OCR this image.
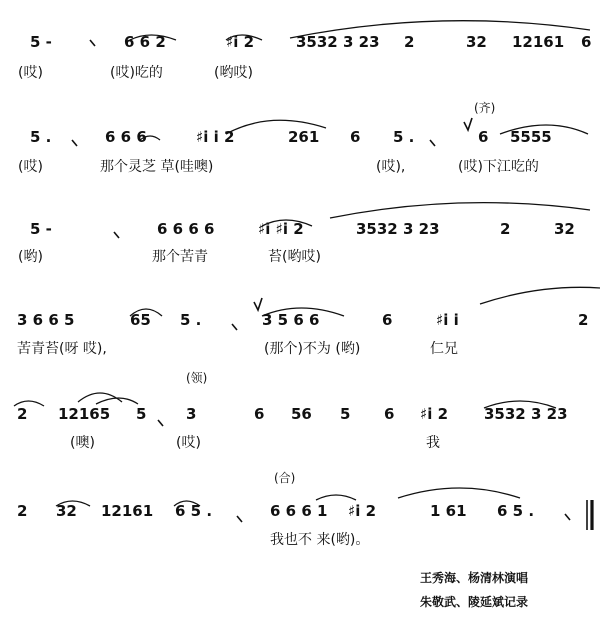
5 -	6 6 2	♯i 2	3532 3 23 2	32 12161 6
(哎)	(哎)吃的	(哟哎)
5 .	6 6 6	♯i i 2	261 6 5 .	6 5555
(哎)	那个灵芝 草(哇噢)	(哎),	(哎)下江吃的
5 -	6 6 6 6	♯i ♯i 2	3532 3 23	2	32
(哟)	那个苦青	苔(哟哎)
3 6 6 5	65 5 .	3 5 6 6	6	♯i i	2
苦青苔(呀 哎),	(那个)不为 (哟)	仁兄
2 12165 5	3	6 56 5 6 ♯i 2 3532 3 23
(噢)	(哎)	我
2 32 12161 6 5 .	6 6 6 1 ♯i 2	1 61 6 5 .
我也不 来(哟)。
(齐)
(领)
(合)
王秀海、杨清林演唱
朱敬武、陵延斌记录
